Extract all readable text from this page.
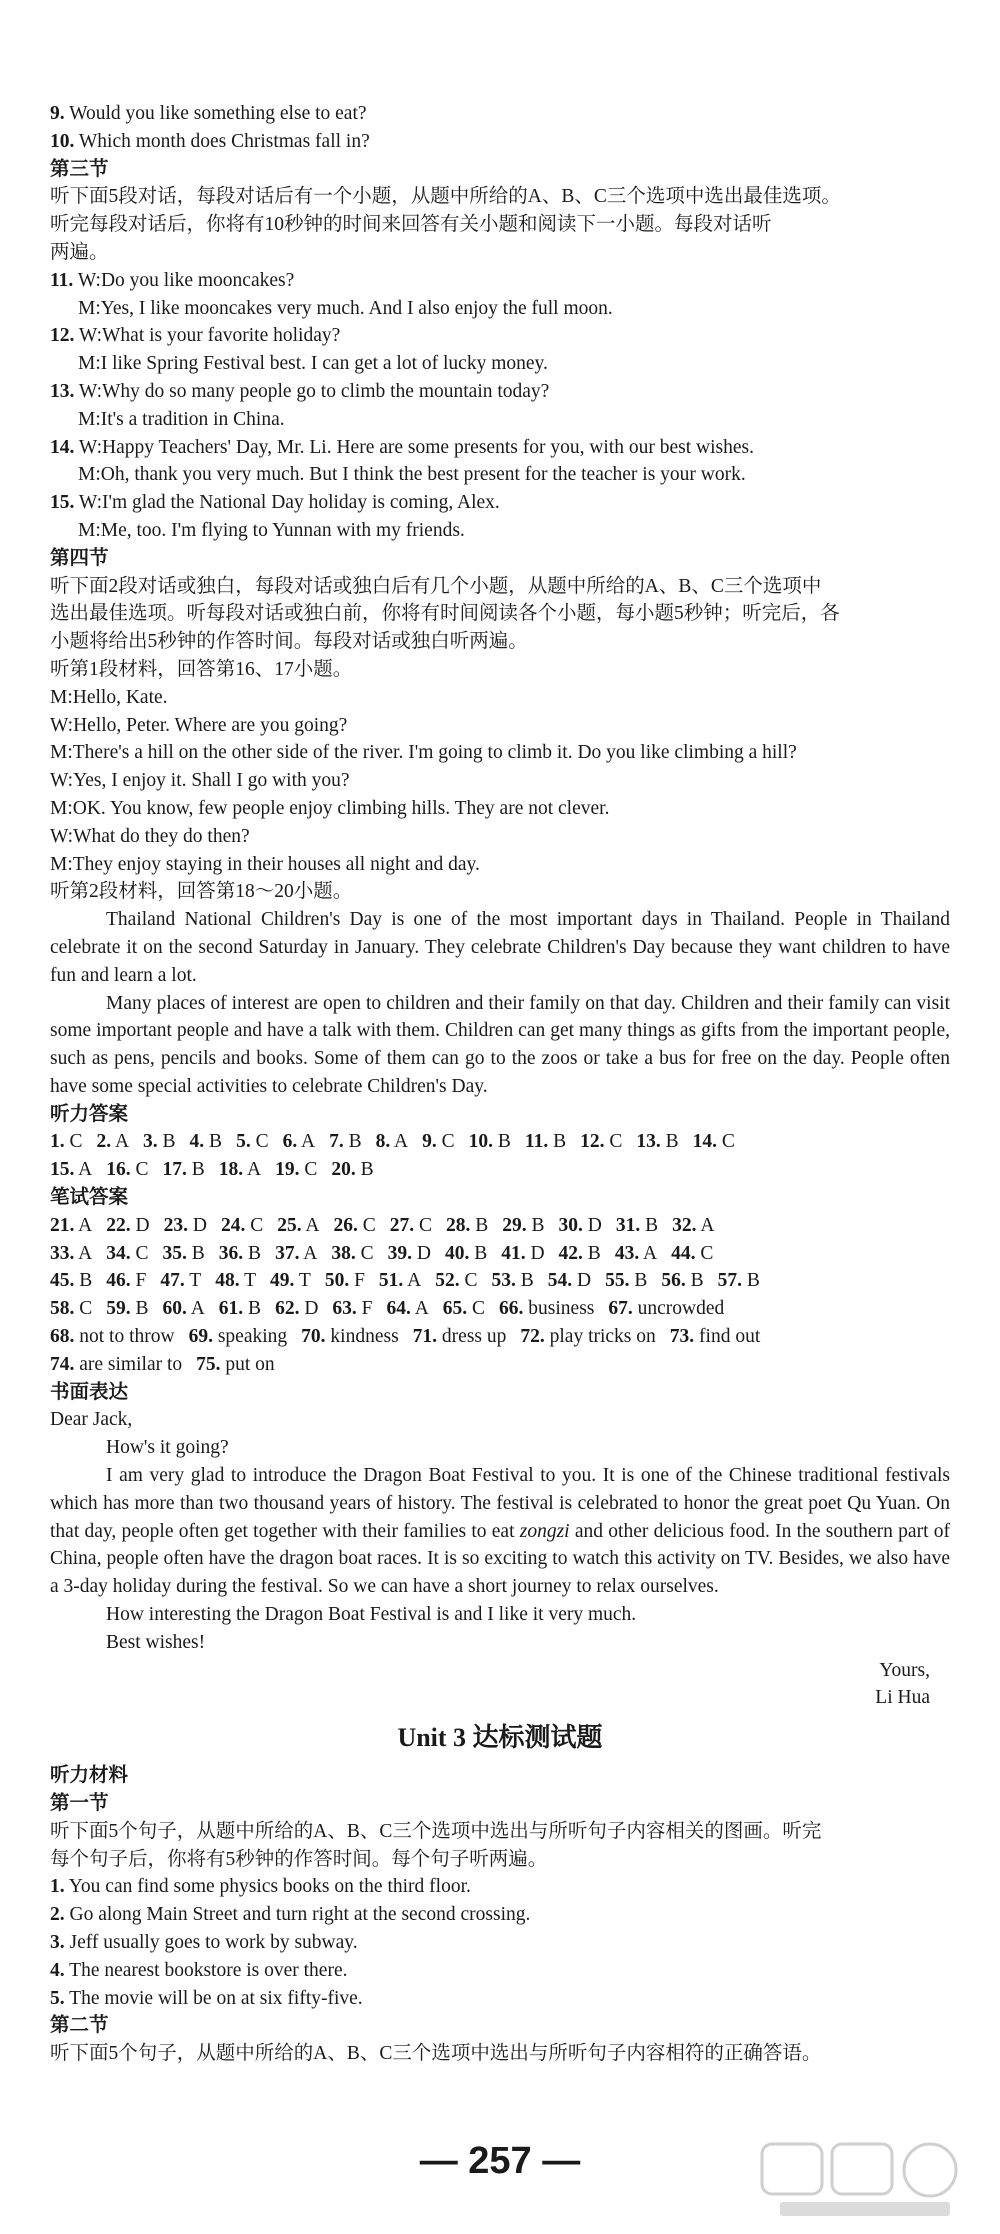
9. Would you like something else to eat?
10. Which month does Christmas fall in?
第三节
听下面5段对话，每段对话后有一个小题，从题中所给的A、B、C三个选项中选出最佳选项。
听完每段对话后，你将有10秒钟的时间来回答有关小题和阅读下一小题。每段对话听
两遍。
11. W:Do you like mooncakes?
M:Yes, I like mooncakes very much. And I also enjoy the full moon.
12. W:What is your favorite holiday?
M:I like Spring Festival best. I can get a lot of lucky money.
13. W:Why do so many people go to climb the mountain today?
M:It's a tradition in China.
14. W:Happy Teachers' Day, Mr. Li. Here are some presents for you, with our best wishes.
M:Oh, thank you very much. But I think the best present for the teacher is your work.
15. W:I'm glad the National Day holiday is coming, Alex.
M:Me, too. I'm flying to Yunnan with my friends.
第四节
听下面2段对话或独白，每段对话或独白后有几个小题，从题中所给的A、B、C三个选项中
选出最佳选项。听每段对话或独白前，你将有时间阅读各个小题，每小题5秒钟；听完后，各
小题将给出5秒钟的作答时间。每段对话或独白听两遍。
听第1段材料，回答第16、17小题。
M:Hello, Kate.
W:Hello, Peter. Where are you going?
M:There's a hill on the other side of the river. I'm going to climb it. Do you like climbing a hill?
W:Yes, I enjoy it. Shall I go with you?
M:OK. You know, few people enjoy climbing hills. They are not clever.
W:What do they do then?
M:They enjoy staying in their houses all night and day.
听第2段材料，回答第18～20小题。
Thailand National Children's Day is one of the most important days in Thailand. People in Thailand celebrate it on the second Saturday in January. They celebrate Children's Day because they want children to have fun and learn a lot.
Many places of interest are open to children and their family on that day. Children and their family can visit some important people and have a talk with them. Children can get many things as gifts from the important people, such as pens, pencils and books. Some of them can go to the zoos or take a bus for free on the day. People often have some special activities to celebrate Children's Day.
听力答案
1. C 2. A 3. B 4. B 5. C 6. A 7. B 8. A 9. C 10. B 11. B 12. C 13. B 14. C
15. A 16. C 17. B 18. A 19. C 20. B
笔试答案
21. A 22. D 23. D 24. C 25. A 26. C 27. C 28. B 29. B 30. D 31. B 32. A
33. A 34. C 35. B 36. B 37. A 38. C 39. D 40. B 41. D 42. B 43. A 44. C
45. B 46. F 47. T 48. T 49. T 50. F 51. A 52. C 53. B 54. D 55. B 56. B 57. B
58. C 59. B 60. A 61. B 62. D 63. F 64. A 65. C 66. business 67. uncrowded
68. not to throw 69. speaking 70. kindness 71. dress up 72. play tricks on 73. find out
74. are similar to 75. put on
书面表达
Dear Jack,
How's it going?
I am very glad to introduce the Dragon Boat Festival to you. It is one of the Chinese traditional festivals which has more than two thousand years of history. The festival is celebrated to honor the great poet Qu Yuan. On that day, people often get together with their families to eat zongzi and other delicious food. In the southern part of China, people often have the dragon boat races. It is so exciting to watch this activity on TV. Besides, we also have a 3-day holiday during the festival. So we can have a short journey to relax ourselves.
How interesting the Dragon Boat Festival is and I like it very much.
Best wishes!
Yours,
Li Hua
Unit 3 达标测试题
听力材料
第一节
听下面5个句子，从题中所给的A、B、C三个选项中选出与所听句子内容相关的图画。听完
每个句子后，你将有5秒钟的作答时间。每个句子听两遍。
1. You can find some physics books on the third floor.
2. Go along Main Street and turn right at the second crossing.
3. Jeff usually goes to work by subway.
4. The nearest bookstore is over there.
5. The movie will be on at six fifty-five.
第二节
听下面5个句子，从题中所给的A、B、C三个选项中选出与所听句子内容相符的正确答语。
— 257 —
